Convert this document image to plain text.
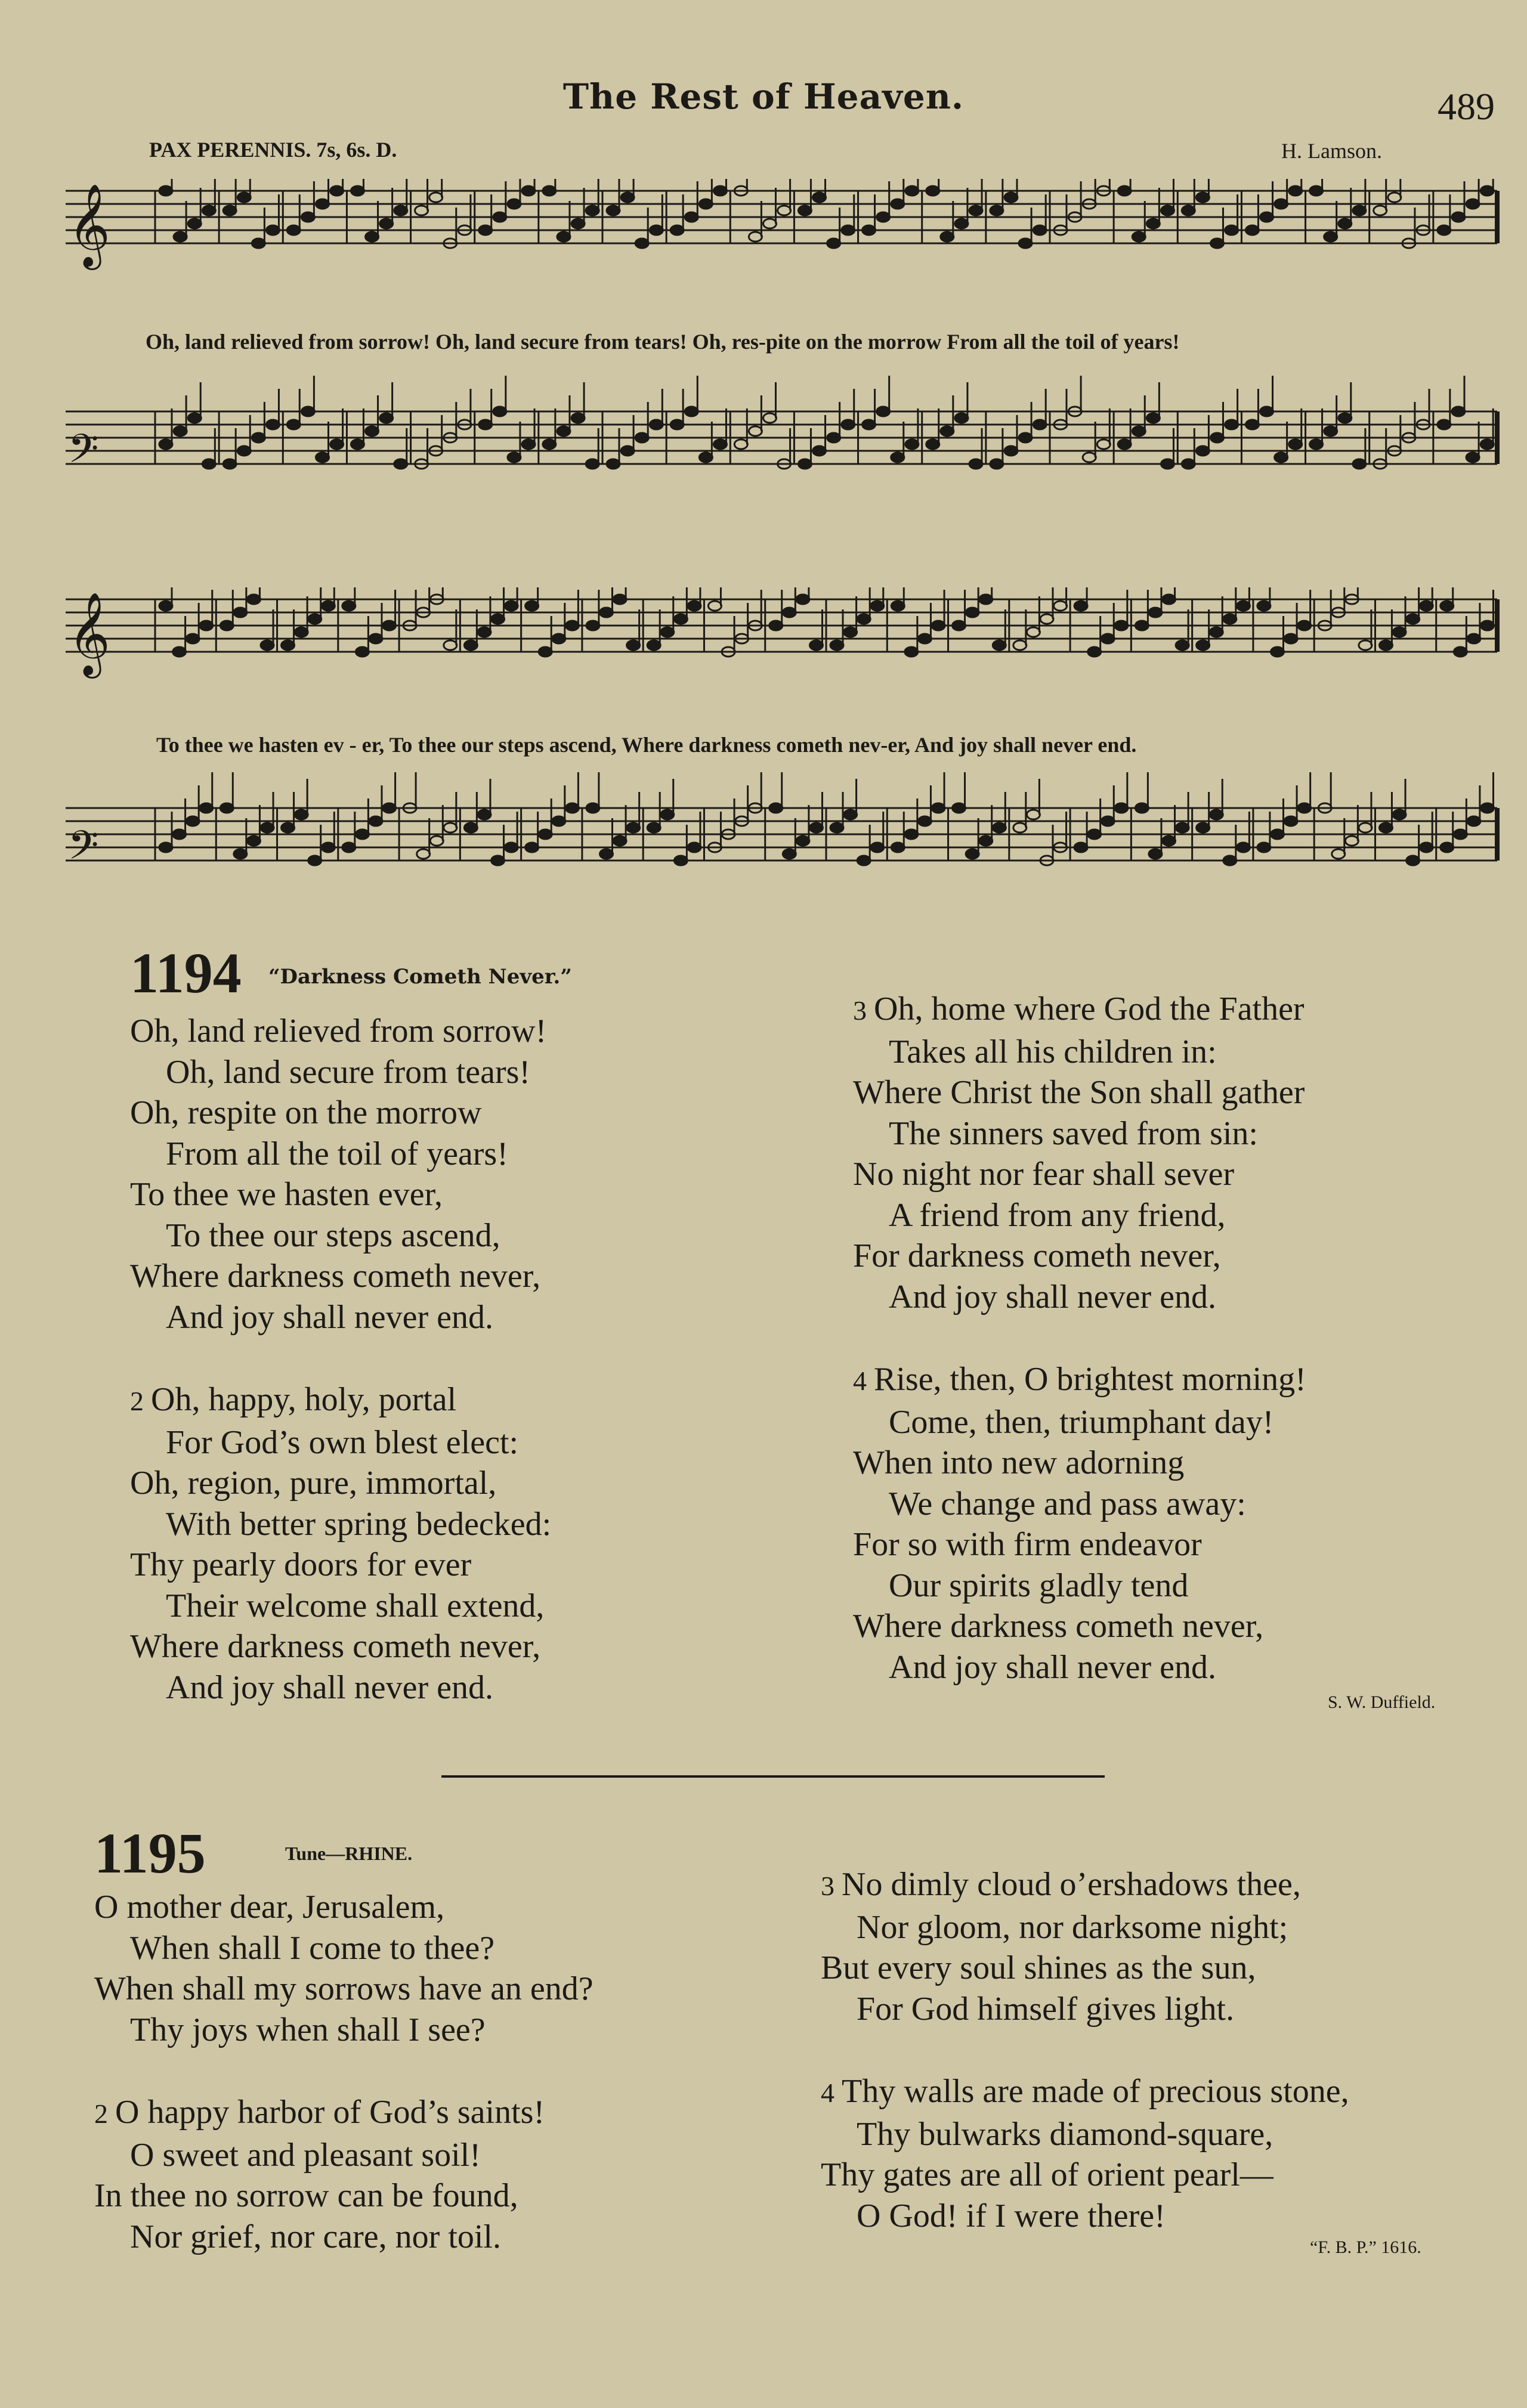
The Rest of Heaven.	489
PAX PERENNIS. 7s, 6s. D.	H. Lamson.
𝄞
𝄢
Oh, land relieved from sorrow! Oh, land secure from tears! Oh, res-pite on the morrow From all the toil of years!
𝄞
𝄢
To thee we hasten ev - er, To thee our steps ascend, Where darkness cometh nev-er, And joy shall never end.
1194 “Darkness Cometh Never.”
Oh, land relieved from sorrow!
Oh, land secure from tears!
Oh, respite on the morrow
From all the toil of years!
To thee we hasten ever,
To thee our steps ascend,
Where darkness cometh never,
And joy shall never end.

2 Oh, happy, holy, portal
For God’s own blest elect:
Oh, region, pure, immortal,
With better spring bedecked:
Thy pearly doors for ever
Their welcome shall extend,
Where darkness cometh never,
And joy shall never end.
3 Oh, home where God the Father
Takes all his children in:
Where Christ the Son shall gather
The sinners saved from sin:
No night nor fear shall sever
A friend from any friend,
For darkness cometh never,
And joy shall never end.

4 Rise, then, O brightest morning!
Come, then, triumphant day!
When into new adorning
We change and pass away:
For so with firm endeavor
Our spirits gladly tend
Where darkness cometh never,
And joy shall never end.
S. W. Duffield.
1195	Tune—RHINE.
O mother dear, Jerusalem,
When shall I come to thee?
When shall my sorrows have an end?
Thy joys when shall I see?

2 O happy harbor of God’s saints!
O sweet and pleasant soil!
In thee no sorrow can be found,
Nor grief, nor care, nor toil.
3 No dimly cloud o’ershadows thee,
Nor gloom, nor darksome night;
But every soul shines as the sun,
For God himself gives light.

4 Thy walls are made of precious stone,
Thy bulwarks diamond-square,
Thy gates are all of orient pearl—
O God! if I were there!
“F. B. P.” 1616.
